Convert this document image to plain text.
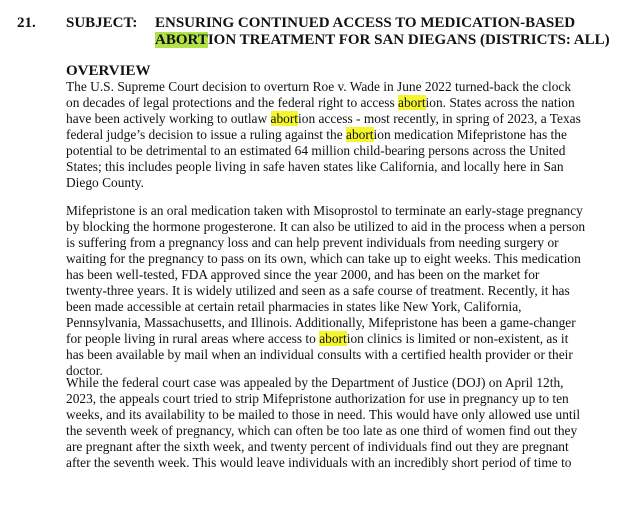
21. SUBJECT: ENSURING CONTINUED ACCESS TO MEDICATION-BASED
ABORTION TREATMENT FOR SAN DIEGANS (DISTRICTS: ALL)
OVERVIEW
The U.S. Supreme Court decision to overturn Roe v. Wade in June 2022 turned-back the clock
on decades of legal protections and the federal right to access abortion. States across the nation
have been actively working to outlaw abortion access - most recently, in spring of 2023, a Texas
federal judge’s decision to issue a ruling against the abortion medication Mifepristone has the
potential to be detrimental to an estimated 64 million child-bearing persons across the United
States; this includes people living in safe haven states like California, and locally here in San
Diego County.
Mifepristone is an oral medication taken with Misoprostol to terminate an early-stage pregnancy
by blocking the hormone progesterone. It can also be utilized to aid in the process when a person
is suffering from a pregnancy loss and can help prevent individuals from needing surgery or
waiting for the pregnancy to pass on its own, which can take up to eight weeks. This medication
has been well-tested, FDA approved since the year 2000, and has been on the market for
twenty-three years. It is widely utilized and seen as a safe course of treatment. Recently, it has
been made accessible at certain retail pharmacies in states like New York, California,
Pennsylvania, Massachusetts, and Illinois. Additionally, Mifepristone has been a game-changer
for people living in rural areas where access to abortion clinics is limited or non-existent, as it
has been available by mail when an individual consults with a certified health provider or their
doctor.
While the federal court case was appealed by the Department of Justice (DOJ) on April 12th,
2023, the appeals court tried to strip Mifepristone authorization for use in pregnancy up to ten
weeks, and its availability to be mailed to those in need. This would have only allowed use until
the seventh week of pregnancy, which can often be too late as one third of women find out they
are pregnant after the sixth week, and twenty percent of individuals find out they are pregnant
after the seventh week. This would leave individuals with an incredibly short period of time to
